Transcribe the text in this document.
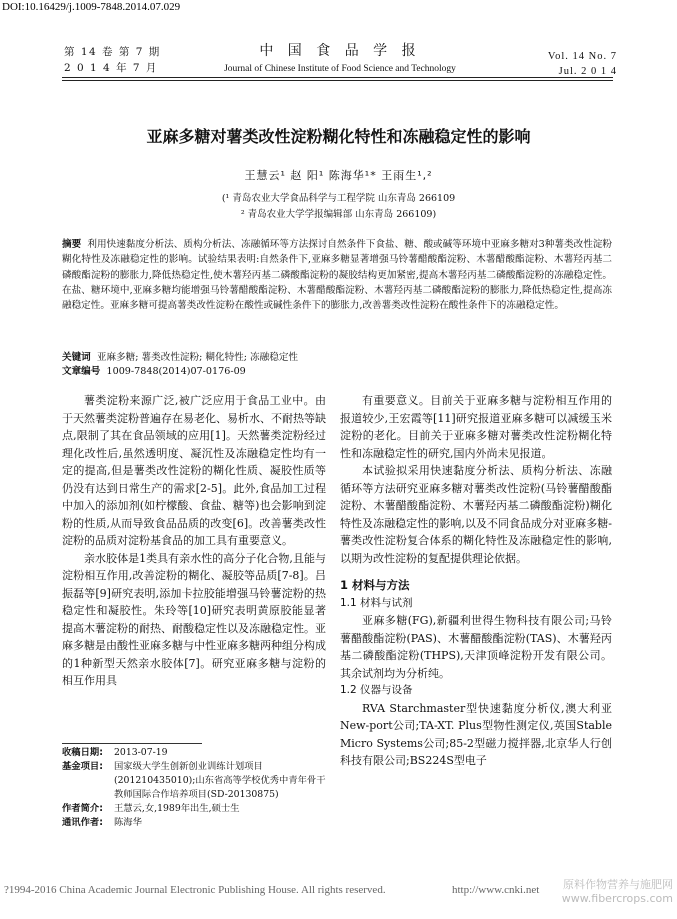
DOI:10.16429/j.1009-7848.2014.07.029
第 14 卷 第 7 期
2 0 1 4 年 7 月
中 国 食 品 学 报
Journal of Chinese Institute of Food Science and Technology
Vol. 14 No. 7
Jul. 2 0 1 4
亚麻多糖对薯类改性淀粉糊化特性和冻融稳定性的影响
王慧云¹ 赵 阳¹ 陈海华¹* 王雨生¹,²
(¹ 青岛农业大学食品科学与工程学院 山东青岛 266109
² 青岛农业大学学报编辑部 山东青岛 266109)
摘要 利用快速黏度分析法、质构分析法、冻融循环等方法探讨自然条件下食盐、糖、酸或碱等环境中亚麻多糖对3种薯类改性淀粉糊化特性及冻融稳定性的影响。试验结果表明:自然条件下,亚麻多糖显著增强马铃薯醋酸酯淀粉、木薯醋酸酯淀粉、木薯羟丙基二磷酸酯淀粉的膨胀力,降低热稳定性,使木薯羟丙基二磷酸酯淀粉的凝胶结构更加紧密,提高木薯羟丙基二磷酸酯淀粉的冻融稳定性。在盐、糖环境中,亚麻多糖均能增强马铃薯醋酸酯淀粉、木薯醋酸酯淀粉、木薯羟丙基二磷酸酯淀粉的膨胀力,降低热稳定性,提高冻融稳定性。亚麻多糖可提高薯类改性淀粉在酸性或碱性条件下的膨胀力,改善薯类改性淀粉在酸性条件下的冻融稳定性。
关键词 亚麻多糖; 薯类改性淀粉; 糊化特性; 冻融稳定性
文章编号 1009-7848(2014)07-0176-09

薯类淀粉来源广泛,被广泛应用于食品工业中。由于天然薯类淀粉普遍存在易老化、易析水、不耐热等缺点,限制了其在食品领域的应用[1]。天然薯类淀粉经过理化改性后,虽然透明度、凝沉性及冻融稳定性均有一定的提高,但是薯类改性淀粉的糊化性质、凝胶性质等仍没有达到日常生产的需求[2-5]。此外,食品加工过程中加入的添加剂(如柠檬酸、食盐、糖等)也会影响到淀粉的性质,从而导致食品品质的改变[6]。改善薯类改性淀粉的品质对淀粉基食品的加工具有重要意义。

亲水胶体是1类具有亲水性的高分子化合物,且能与淀粉相互作用,改善淀粉的糊化、凝胶等品质[7-8]。吕振磊等[9]研究表明,添加卡拉胶能增强马铃薯淀粉的热稳定性和凝胶性。朱玲等[10]研究表明黄原胶能显著提高木薯淀粉的耐热、耐酸稳定性以及冻融稳定性。亚麻多糖是由酸性亚麻多糖与中性亚麻多糖两种组分构成的1种新型天然亲水胶体[7]。研究亚麻多糖与淀粉的相互作用具

有重要意义。目前关于亚麻多糖与淀粉相互作用的报道较少,王宏霞等[11]研究报道亚麻多糖可以减缓玉米淀粉的老化。目前关于亚麻多糖对薯类改性淀粉糊化特性和冻融稳定性的研究,国内外尚未见报道。

本试验拟采用快速黏度分析法、质构分析法、冻融循环等方法研究亚麻多糖对薯类改性淀粉(马铃薯醋酸酯淀粉、木薯醋酸酯淀粉、木薯羟丙基二磷酸酯淀粉)糊化特性及冻融稳定性的影响,以及不同食品成分对亚麻多糖-薯类改性淀粉复合体系的糊化特性及冻融稳定性的影响,以期为改性淀粉的复配提供理论依据。

1 材料与方法
1.1 材料与试剂

亚麻多糖(FG),新疆利世得生物科技有限公司;马铃薯醋酸酯淀粉(PAS)、木薯醋酸酯淀粉(TAS)、木薯羟丙基二磷酸酯淀粉(THPS),天津顶峰淀粉开发有限公司。其余试剂均为分析纯。

1.2 仪器与设备

RVA Starchmaster型快速黏度分析仪,澳大利亚New-port公司;TA-XT. Plus型物性测定仪,英国Stable Micro Systems公司;85-2型磁力搅拌器,北京华人行创科技有限公司;BS224S型电子

收稿日期:	2013-07-19
基金项目:	国家级大学生创新创业训练计划项目(201210435010);山东省高等学校优秀中青年骨干教师国际合作培养项目(SD-20130875)
作者简介:	王慧云,女,1989年出生,硕士生
通讯作者:	陈海华
?1994-2016 China Academic Journal Electronic Publishing House. All rights reserved.	http://www.cnki.net 原料作物营养与施肥网
www.fibercrops.com
